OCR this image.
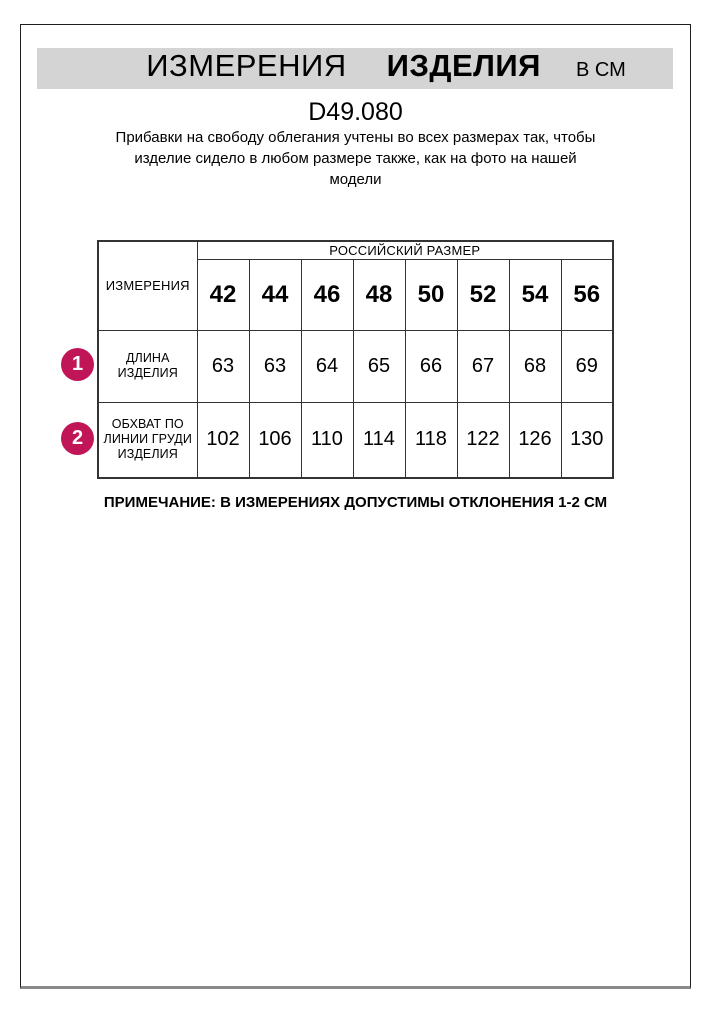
ИЗМЕРЕНИЯ ИЗДЕЛИЯ В СМ
D49.080
Прибавки на свободу облегания учтены во всех размерах так, чтобы
изделие сидело в любом размере также, как на фото на нашей
модели
ИЗМЕРЕНИЯ	РОССИЙСКИЙ РАЗМЕР							
	42	44	46	48	50	52	54	56
ДЛИНА ИЗДЕЛИЯ	63	63	64	65	66	67	68	69
ОБХВАТ ПО ЛИНИИ ГРУДИ ИЗДЕЛИЯ	102	106	110	114	118	122	126	130
1
2
ПРИМЕЧАНИЕ: В ИЗМЕРЕНИЯХ ДОПУСТИМЫ ОТКЛОНЕНИЯ 1-2 СМ
